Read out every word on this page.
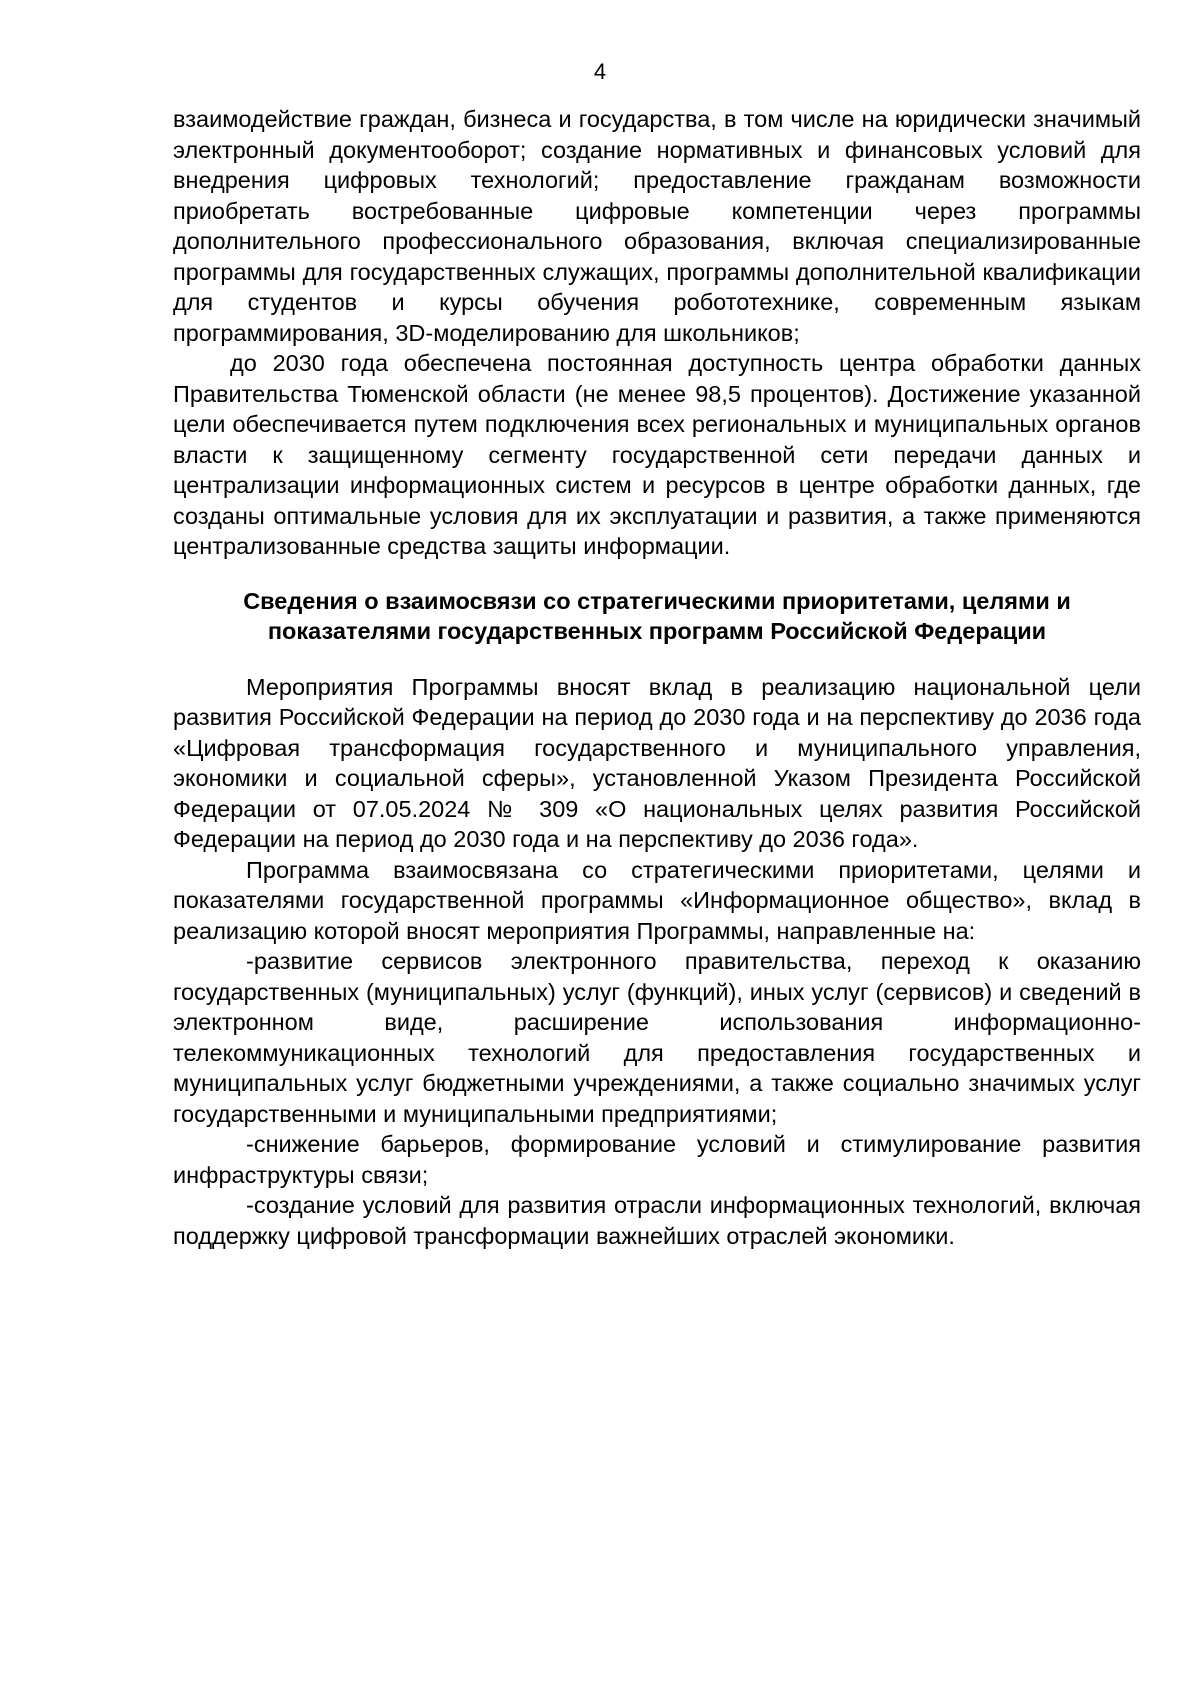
4

взаимодействие граждан, бизнеса и государства, в том числе на юридически значимый электронный документооборот; создание нормативных и финансовых условий для внедрения цифровых технологий; предоставление гражданам возможности приобретать востребованные цифровые компетенции через программы дополнительного профессионального образования, включая специализированные программы для государственных служащих, программы дополнительной квалификации для студентов и курсы обучения робототехнике, современным языкам программирования, 3D-моделированию для школьников;

до 2030 года обеспечена постоянная доступность центра обработки данных Правительства Тюменской области (не менее 98,5 процентов). Достижение указанной цели обеспечивается путем подключения всех региональных и муниципальных органов власти к защищенному сегменту государственной сети передачи данных и централизации информационных систем и ресурсов в центре обработки данных, где созданы оптимальные условия для их эксплуатации и развития, а также применяются централизованные средства защиты информации.

Сведения о взаимосвязи со стратегическими приоритетами, целями и

показателями государственных программ Российской Федерации

Мероприятия Программы вносят вклад в реализацию национальной цели развития Российской Федерации на период до 2030 года и на перспективу до 2036 года «Цифровая трансформация государственного и муниципального управления, экономики и социальной сферы», установленной Указом Президента Российской Федерации от 07.05.2024 № 309 «О национальных целях развития Российской Федерации на период до 2030 года и на перспективу до 2036 года».

Программа взаимосвязана со стратегическими приоритетами, целями и показателями государственной программы «Информационное общество», вклад в реализацию которой вносят мероприятия Программы, направленные на:

-развитие сервисов электронного правительства, переход к оказанию государственных (муниципальных) услуг (функций), иных услуг (сервисов) и сведений в электронном виде, расширение использования информационно-телекоммуникационных технологий для предоставления государственных и муниципальных услуг бюджетными учреждениями, а также социально значимых услуг государственными и муниципальными предприятиями;

-снижение барьеров, формирование условий и стимулирование развития инфраструктуры связи;

-создание условий для развития отрасли информационных технологий, включая поддержку цифровой трансформации важнейших отраслей экономики.
